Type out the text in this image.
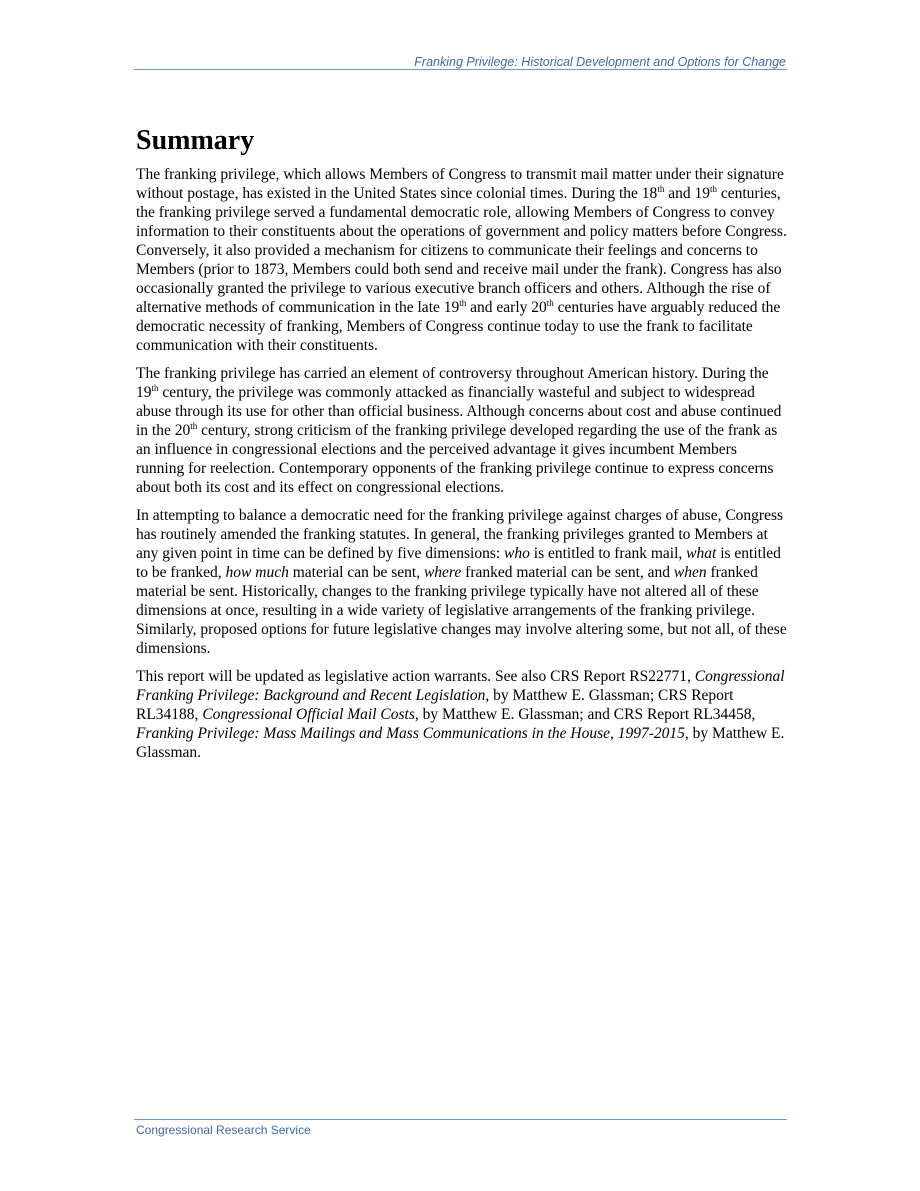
Franking Privilege: Historical Development and Options for Change
Summary

The franking privilege, which allows Members of Congress to transmit mail matter under their signature without postage, has existed in the United States since colonial times. During the 18th and 19th centuries, the franking privilege served a fundamental democratic role, allowing Members of Congress to convey information to their constituents about the operations of government and policy matters before Congress. Conversely, it also provided a mechanism for citizens to communicate their feelings and concerns to Members (prior to 1873, Members could both send and receive mail under the frank). Congress has also occasionally granted the privilege to various executive branch officers and others. Although the rise of alternative methods of communication in the late 19th and early 20th centuries have arguably reduced the democratic necessity of franking, Members of Congress continue today to use the frank to facilitate communication with their constituents.

The franking privilege has carried an element of controversy throughout American history. During the 19th century, the privilege was commonly attacked as financially wasteful and subject to widespread abuse through its use for other than official business. Although concerns about cost and abuse continued in the 20th century, strong criticism of the franking privilege developed regarding the use of the frank as an influence in congressional elections and the perceived advantage it gives incumbent Members running for reelection. Contemporary opponents of the franking privilege continue to express concerns about both its cost and its effect on congressional elections.

In attempting to balance a democratic need for the franking privilege against charges of abuse, Congress has routinely amended the franking statutes. In general, the franking privileges granted to Members at any given point in time can be defined by five dimensions: who is entitled to frank mail, what is entitled to be franked, how much material can be sent, where franked material can be sent, and when franked material be sent. Historically, changes to the franking privilege typically have not altered all of these dimensions at once, resulting in a wide variety of legislative arrangements of the franking privilege. Similarly, proposed options for future legislative changes may involve altering some, but not all, of these dimensions.

This report will be updated as legislative action warrants. See also CRS Report RS22771, Congressional Franking Privilege: Background and Recent Legislation, by Matthew E. Glassman; CRS Report RL34188, Congressional Official Mail Costs, by Matthew E. Glassman; and CRS Report RL34458, Franking Privilege: Mass Mailings and Mass Communications in the House, 1997-2015, by Matthew E. Glassman.

Congressional Research Service
